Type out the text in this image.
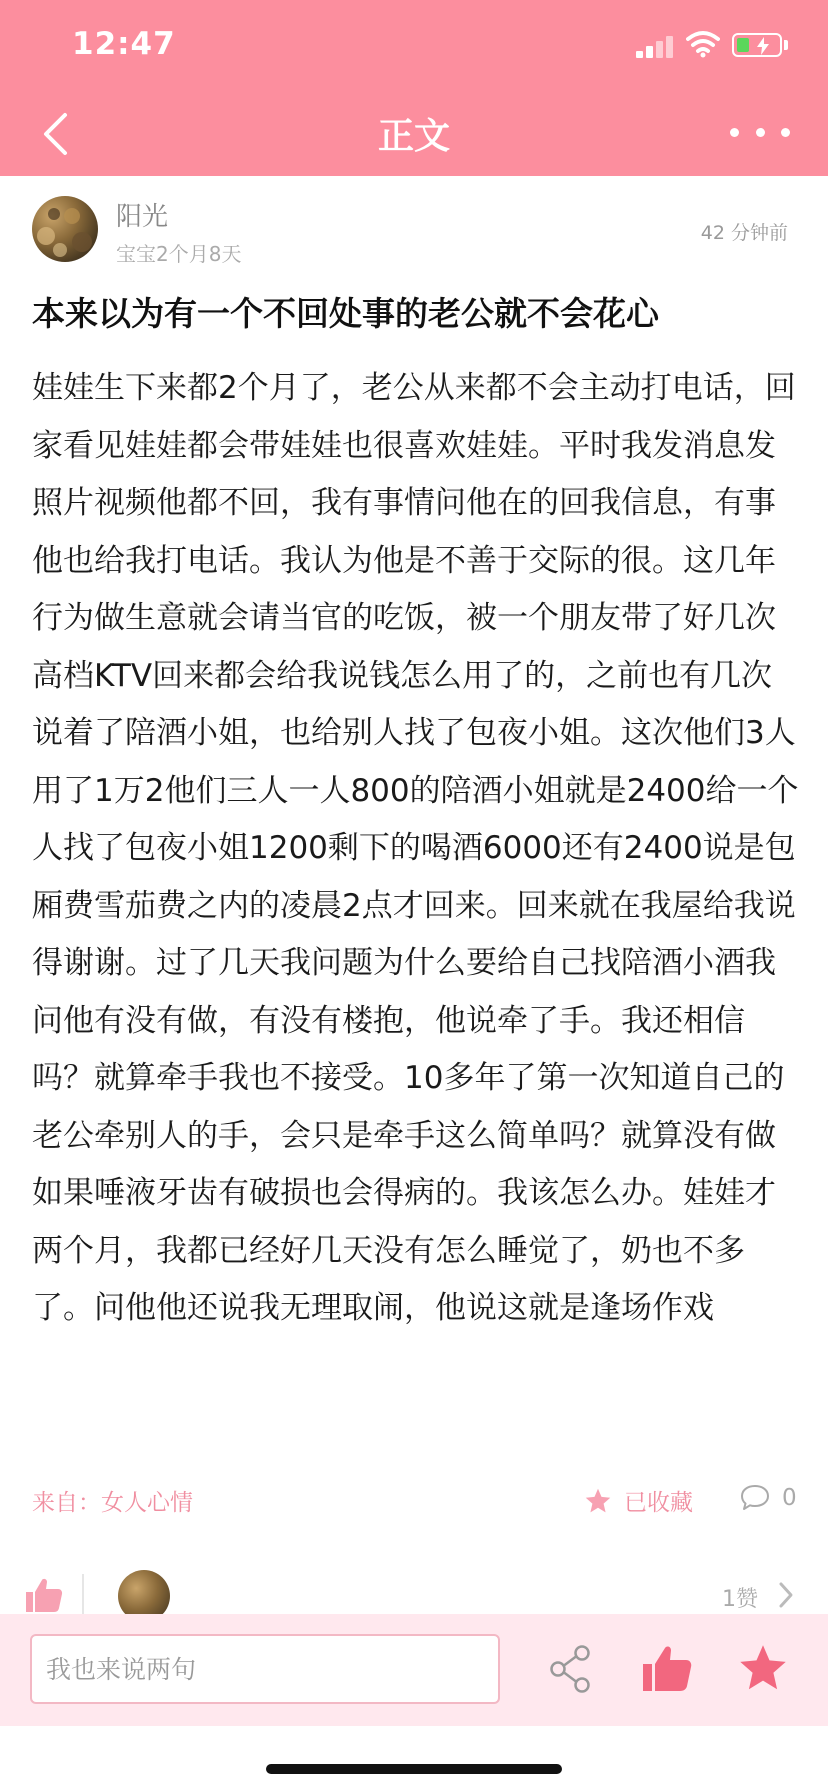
12:47
正文
阳光
宝宝2个月8天
42 分钟前
本来以为有一个不回处事的老公就不会花心
娃娃生下来都2个月了，老公从来都不会主动打电话，回家看见娃娃都会带娃娃也很喜欢娃娃。平时我发消息发照片视频他都不回，我有事情问他在的回我信息，有事他也给我打电话。我认为他是不善于交际的很。这几年行为做生意就会请当官的吃饭，被一个朋友带了好几次高档KTV回来都会给我说钱怎么用了的，之前也有几次说着了陪酒小姐，也给别人找了包夜小姐。这次他们3人用了1万2他们三人一人800的陪酒小姐就是2400给一个人找了包夜小姐1200剩下的喝酒6000还有2400说是包厢费雪茄费之内的凌晨2点才回来。回来就在我屋给我说得谢谢。过了几天我问题为什么要给自己找陪酒小酒我问他有没有做，有没有楼抱，他说牵了手。我还相信吗？就算牵手我也不接受。10多年了第一次知道自己的老公牵别人的手，会只是牵手这么简单吗？就算没有做如果唾液牙齿有破损也会得病的。我该怎么办。娃娃才两个月，我都已经好几天没有怎么睡觉了，奶也不多了。问他他还说我无理取闹，他说这就是逢场作戏
来自：女人心情	已收藏	0
1赞
我也来说两句
